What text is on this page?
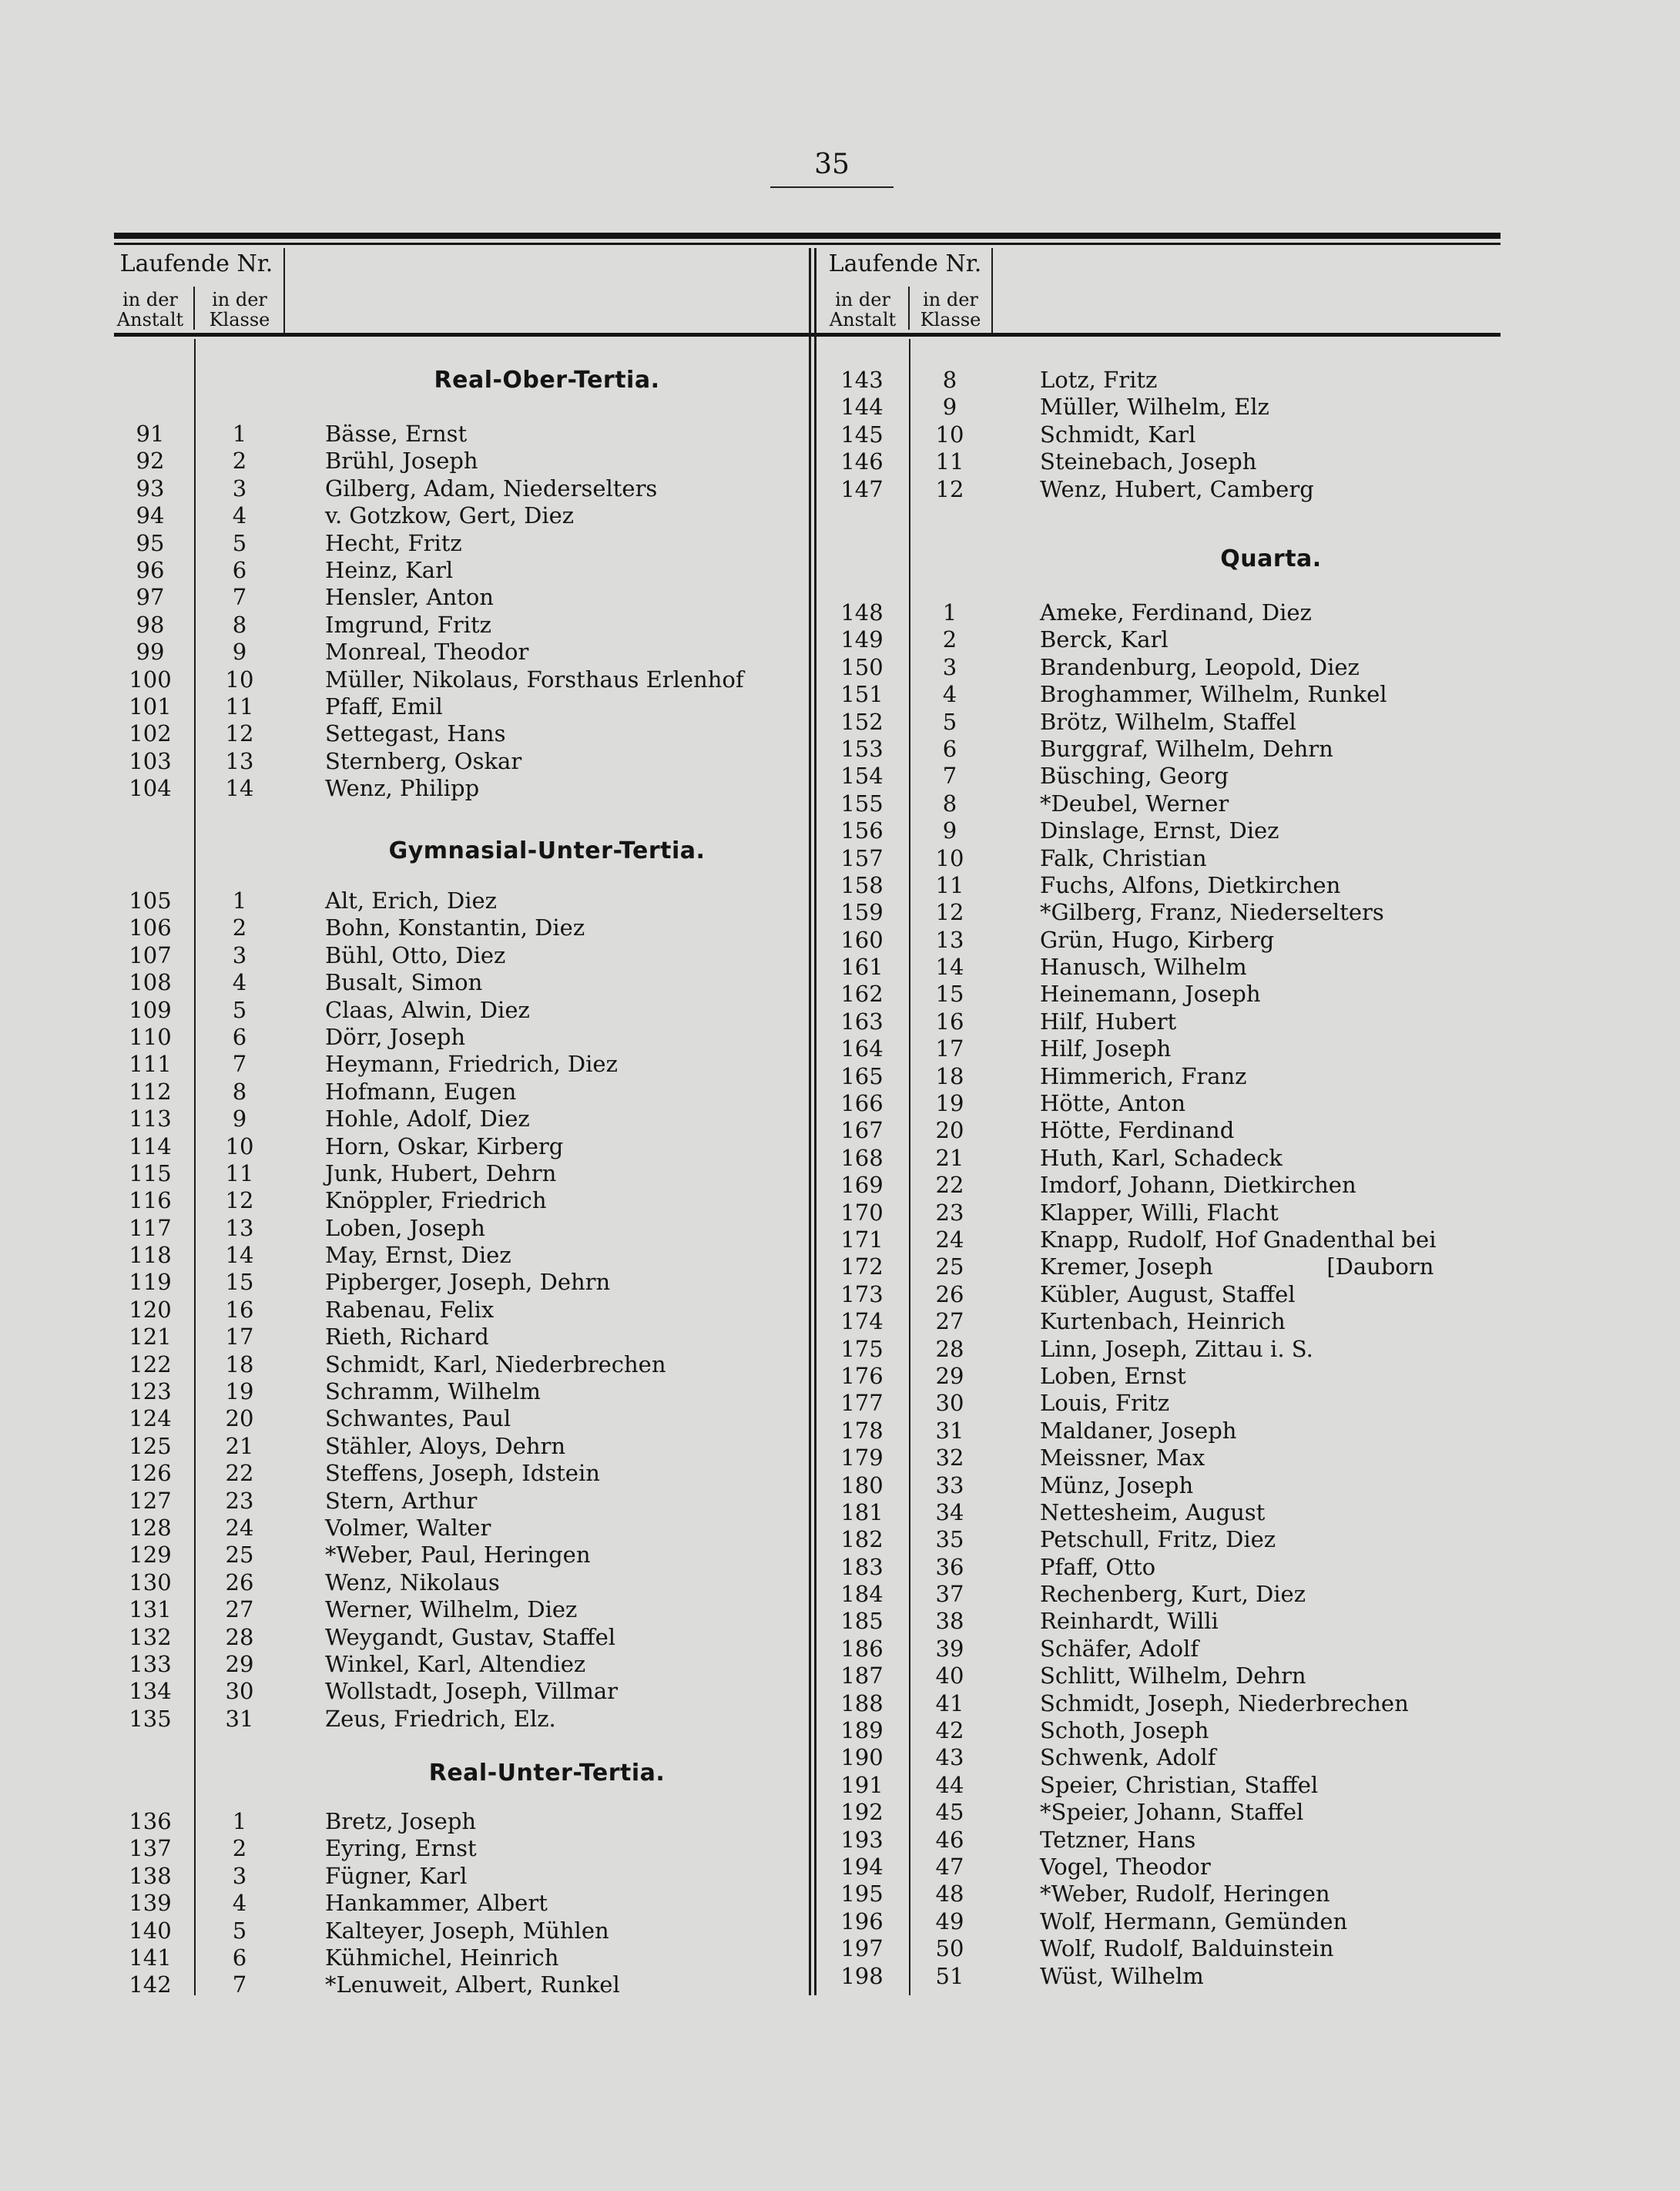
35
Laufende Nr.
in der
Anstalt
in der
Klasse
Laufende Nr.
in der
Anstalt
in der
Klasse
Real-Ober-Tertia.
91	1	Bässe, Ernst
92	2	Brühl, Joseph
93	3	Gilberg, Adam, Niederselters
94	4	v. Gotzkow, Gert, Diez
95	5	Hecht, Fritz
96	6	Heinz, Karl
97	7	Hensler, Anton
98	8	Imgrund, Fritz
99	9	Monreal, Theodor
100	10	Müller, Nikolaus, Forsthaus Erlenhof
101	11	Pfaff, Emil
102	12	Settegast, Hans
103	13	Sternberg, Oskar
104	14	Wenz, Philipp
Gymnasial-Unter-Tertia.
105	1	Alt, Erich, Diez
106	2	Bohn, Konstantin, Diez
107	3	Bühl, Otto, Diez
108	4	Busalt, Simon
109	5	Claas, Alwin, Diez
110	6	Dörr, Joseph
111	7	Heymann, Friedrich, Diez
112	8	Hofmann, Eugen
113	9	Hohle, Adolf, Diez
114	10	Horn, Oskar, Kirberg
115	11	Junk, Hubert, Dehrn
116	12	Knöppler, Friedrich
117	13	Loben, Joseph
118	14	May, Ernst, Diez
119	15	Pipberger, Joseph, Dehrn
120	16	Rabenau, Felix
121	17	Rieth, Richard
122	18	Schmidt, Karl, Niederbrechen
123	19	Schramm, Wilhelm
124	20	Schwantes, Paul
125	21	Stähler, Aloys, Dehrn
126	22	Steffens, Joseph, Idstein
127	23	Stern, Arthur
128	24	Volmer, Walter
129	25	*Weber, Paul, Heringen
130	26	Wenz, Nikolaus
131	27	Werner, Wilhelm, Diez
132	28	Weygandt, Gustav, Staffel
133	29	Winkel, Karl, Altendiez
134	30	Wollstadt, Joseph, Villmar
135	31	Zeus, Friedrich, Elz.
Real-Unter-Tertia.
136	1	Bretz, Joseph
137	2	Eyring, Ernst
138	3	Fügner, Karl
139	4	Hankammer, Albert
140	5	Kalteyer, Joseph, Mühlen
141	6	Kühmichel, Heinrich
142	7	*Lenuweit, Albert, Runkel
143	8	Lotz, Fritz
144	9	Müller, Wilhelm, Elz
145	10	Schmidt, Karl
146	11	Steinebach, Joseph
147	12	Wenz, Hubert, Camberg
Quarta.
148	1	Ameke, Ferdinand, Diez
149	2	Berck, Karl
150	3	Brandenburg, Leopold, Diez
151	4	Broghammer, Wilhelm, Runkel
152	5	Brötz, Wilhelm, Staffel
153	6	Burggraf, Wilhelm, Dehrn
154	7	Büsching, Georg
155	8	*Deubel, Werner
156	9	Dinslage, Ernst, Diez
157	10	Falk, Christian
158	11	Fuchs, Alfons, Dietkirchen
159	12	*Gilberg, Franz, Niederselters
160	13	Grün, Hugo, Kirberg
161	14	Hanusch, Wilhelm
162	15	Heinemann, Joseph
163	16	Hilf, Hubert
164	17	Hilf, Joseph
165	18	Himmerich, Franz
166	19	Hötte, Anton
167	20	Hötte, Ferdinand
168	21	Huth, Karl, Schadeck
169	22	Imdorf, Johann, Dietkirchen
170	23	Klapper, Willi, Flacht
171	24	Knapp, Rudolf, Hof Gnadenthal bei
172	25	Kremer, Joseph                [Dauborn
173	26	Kübler, August, Staffel
174	27	Kurtenbach, Heinrich
175	28	Linn, Joseph, Zittau i. S.
176	29	Loben, Ernst
177	30	Louis, Fritz
178	31	Maldaner, Joseph
179	32	Meissner, Max
180	33	Münz, Joseph
181	34	Nettesheim, August
182	35	Petschull, Fritz, Diez
183	36	Pfaff, Otto
184	37	Rechenberg, Kurt, Diez
185	38	Reinhardt, Willi
186	39	Schäfer, Adolf
187	40	Schlitt, Wilhelm, Dehrn
188	41	Schmidt, Joseph, Niederbrechen
189	42	Schoth, Joseph
190	43	Schwenk, Adolf
191	44	Speier, Christian, Staffel
192	45	*Speier, Johann, Staffel
193	46	Tetzner, Hans
194	47	Vogel, Theodor
195	48	*Weber, Rudolf, Heringen
196	49	Wolf, Hermann, Gemünden
197	50	Wolf, Rudolf, Balduinstein
198	51	Wüst, Wilhelm
